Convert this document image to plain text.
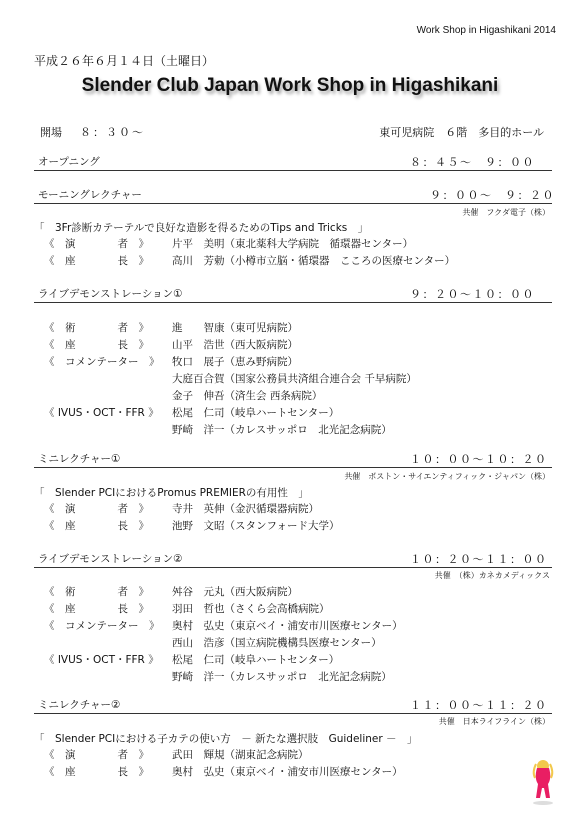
Work Shop in Higashikani 2014
平成２６年６月１４日（土曜日）
Slender Club Japan Work Shop in Higashikani
開場 ８：３０～	東可児病院　６階　多目的ホール
オープニング	８：４５～　９：００
モーニングレクチャー	９：００～　９：２０
共催　フクダ電子（株）
「　3Fr診断カテーテルで良好な造影を得るためのTips and Tricks　」
《　演　　　　者　》 片平　美明（東北薬科大学病院　循環器センター）
《　座　　　　長　》 高川　芳勅（小樽市立脳・循環器　こころの医療センター）
ライブデモンストレーション①	９：２０～１０：００
《　術　　　　者　》 進　　智康（東可児病院）
《　座　　　　長　》 山平　浩世（西大阪病院）
《　コメンテーター　》 牧口　展子（恵み野病院）
大庭百合賀（国家公務員共済組合連合会 千早病院）
金子　伸吾（済生会 西条病院）
《 IVUS・OCT・FFR 》 松尾　仁司（岐阜ハートセンター）
野崎　洋一（カレスサッポロ　北光記念病院）
ミニレクチャー①	１０：００～１０：２０
共催　ボストン・サイエンティフィック・ジャパン（株）
「　Slender PCIにおけるPromus PREMIERの有用性　」
《　演　　　　者　》 寺井　英伸（金沢循環器病院）
《　座　　　　長　》 池野　文昭（スタンフォード大学）
ライブデモンストレーション②	１０：２０～１１：００
共催　（株）カネカメディックス
《　術　　　　者　》 舛谷　元丸（西大阪病院）
《　座　　　　長　》 羽田　哲也（さくら会高橋病院）
《　コメンテーター　》 奥村　弘史（東京ベイ・浦安市川医療センター）
西山　浩彦（国立病院機構呉医療センター）
《 IVUS・OCT・FFR 》 松尾　仁司（岐阜ハートセンター）
野崎　洋一（カレスサッポロ　北光記念病院）
ミニレクチャー②	１１：００～１１：２０
共催　日本ライフライン（株）
「　Slender PCIにおける子カテの使い方　－ 新たな選択肢　Guideliner －　」
《　演　　　　者　》 武田　輝規（湖東記念病院）
《　座　　　　長　》 奥村　弘史（東京ベイ・浦安市川医療センター）
